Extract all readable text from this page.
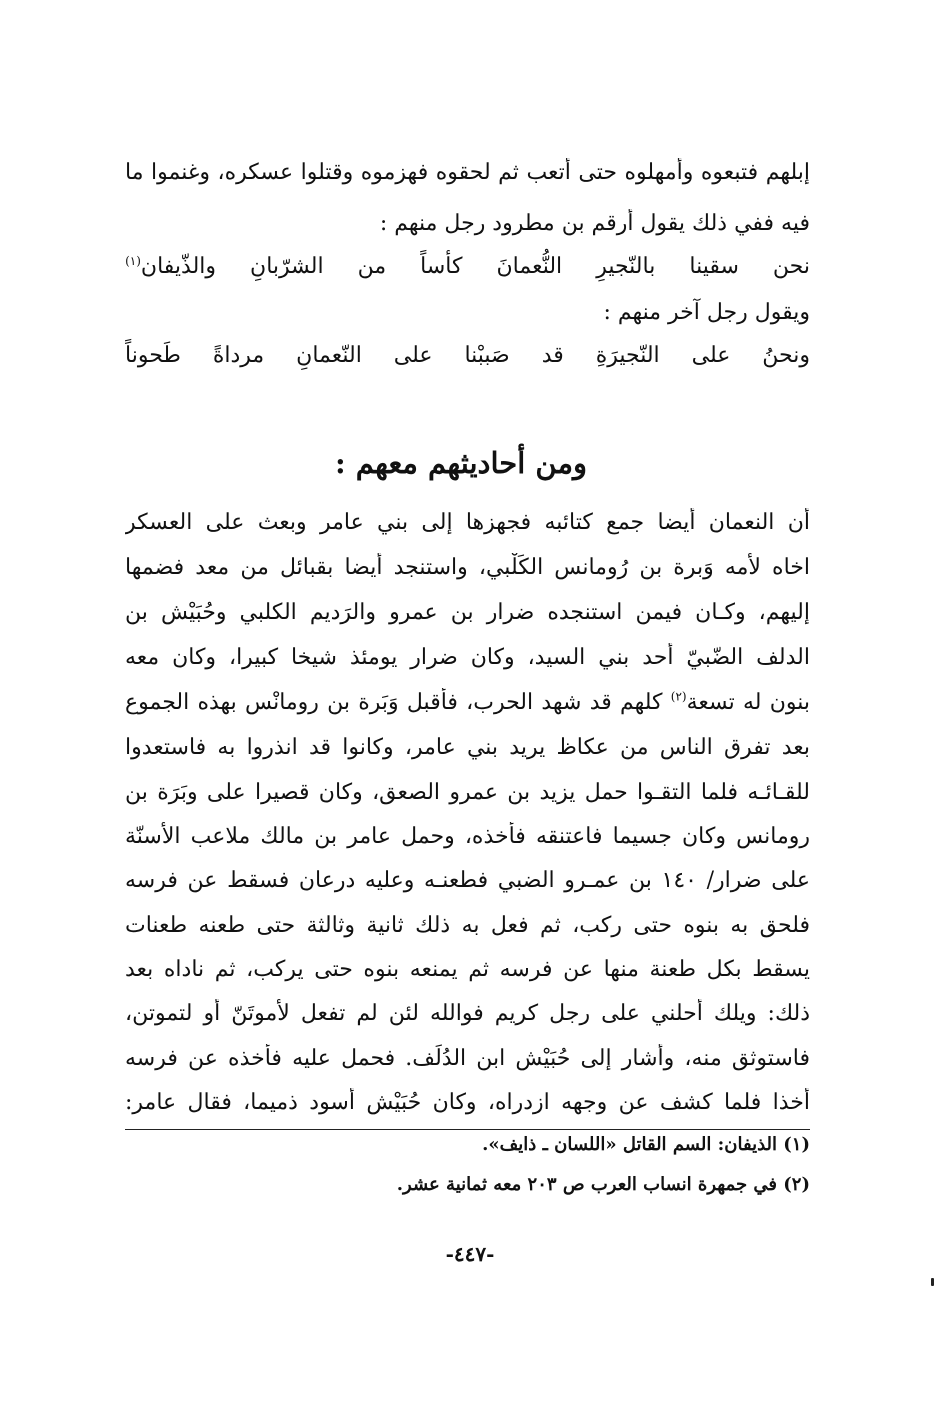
إبلهم فتبعوه وأمهلوه حتى أتعب ثم لحقوه فهزموه وقتلوا عسكره، وغنموا ما
فيه ففي ذلك يقول أرقم بن مطرود رجل منهم :
نحن
سقينا
بالنّجيرِ
النُّعمانَ
كأساً
من
الشرّبانِ
والذّيفان(١)
ويقول رجل آخر منهم :
ونحنُ
على
النّجيرَةِ
قد
صَببْنا
على
النّعمانِ
مرداةً
طَحوناً
ومن أحاديثهم معهم :
أن النعمان أيضا جمع كتائبه فجهزها إلى بني عامر وبعث على العسكر
اخاه لأمه وَبرة بن رُومانس الكَلْبي، واستنجد أيضا بقبائل من معد فضمها
إليهم، وكـان فيمن استنجده ضرار بن عمرو والرَديم الكلبي وحُبَيْش بن
الدلف الضّبيّ أحد بني السيد، وكان ضرار يومئذ شيخا كبيرا، وكان معه
بنون له تسعة$^{(٢)}$ كلهم قد شهد الحرب، فأقبل وَبَرة بن رومانْس بهذه الجموع
بعد تفرق الناس من عكاظ يريد بني عامر، وكانوا قد انذروا به فاستعدوا
للقـائـه فلما التقـوا حمل يزيد بن عمرو الصعق، وكان قصيرا على وبَرَة بن
رومانس وكان جسيما فاعتنقه فأخذه، وحمل عامر بن مالك ملاعب الأسنّة
على ضرار/ ١٤٠ بن عمـرو الضبي فطعنـه وعليه درعان فسقط عن فرسه
فلحق به بنوه حتى ركب، ثم فعل به ذلك ثانية وثالثة حتى طعنه طعنات
يسقط بكل طعنة منها عن فرسه ثم يمنعه بنوه حتى يركب، ثم ناداه بعد
ذلك: ويلك أحلني على رجل كريم فوالله لئن لم تفعل لأموتَنّ أو لتموتن،
فاستوثق منه، وأشار إلى حُبَيْش ابن الدُلَف. فحمل عليه فأخذه عن فرسه
أخذا فلما كشف عن وجهه ازدراه، وكان حُبَيْش أسود ذميما، فقال عامر:
(١) الذيفان: السم القاتل «اللسان ـ ذايف».
(٢) في جمهرة انساب العرب ص ٢٠٣ معه ثمانية عشر.
-٤٤٧-
